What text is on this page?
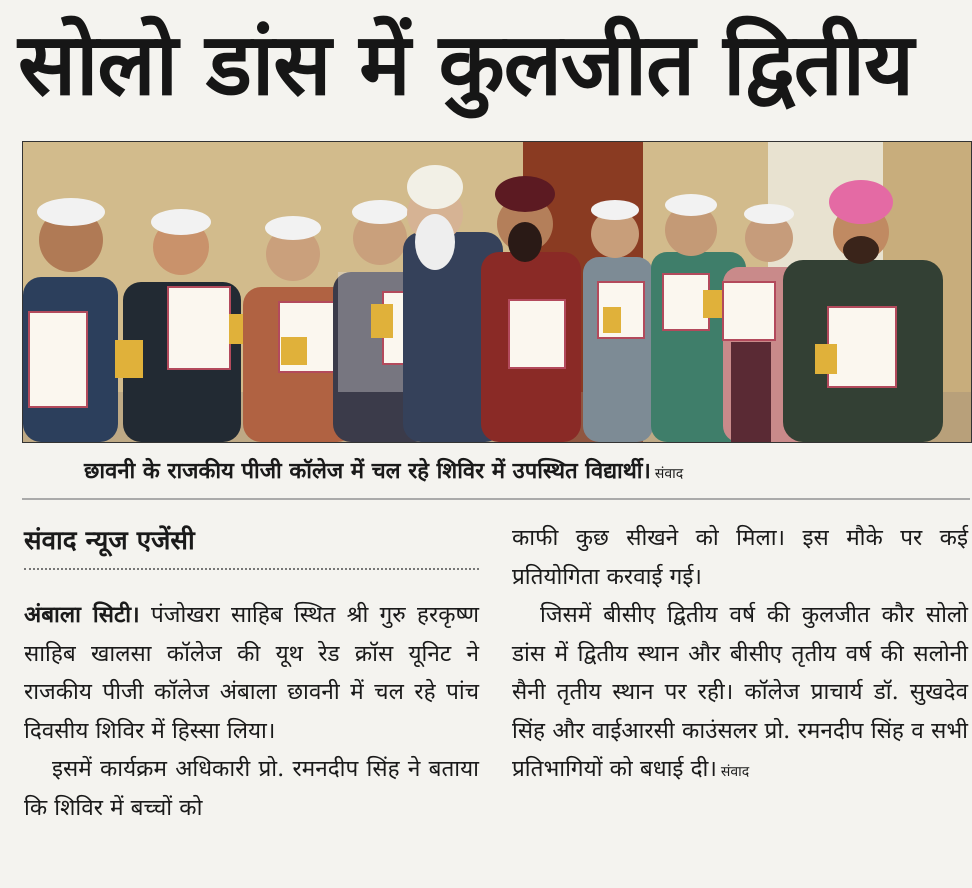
सोलो डांस में कुलजीत द्वितीय
छावनी के राजकीय पीजी कॉलेज में चल रहे शिविर में उपस्थित विद्यार्थी। संवाद
संवाद न्यूज एजेंसी

अंबाला सिटी। पंजोखरा साहिब स्थित श्री गुरु हरकृष्ण साहिब खालसा कॉलेज की यूथ रेड क्रॉस यूनिट ने राजकीय पीजी कॉलेज अंबाला छावनी में चल रहे पांच दिवसीय शिविर में हिस्सा लिया।

इसमें कार्यक्रम अधिकारी प्रो. रमनदीप सिंह ने बताया कि शिविर में बच्चों को

काफी कुछ सीखने को मिला। इस मौके पर कई प्रतियोगिता करवाई गई।

जिसमें बीसीए द्वितीय वर्ष की कुलजीत कौर सोलो डांस में द्वितीय स्थान और बीसीए तृतीय वर्ष की सलोनी सैनी तृतीय स्थान पर रही। कॉलेज प्राचार्य डॉ. सुखदेव सिंह और वाईआरसी काउंसलर प्रो. रमनदीप सिंह व सभी प्रतिभागियों को बधाई दी। संवाद
